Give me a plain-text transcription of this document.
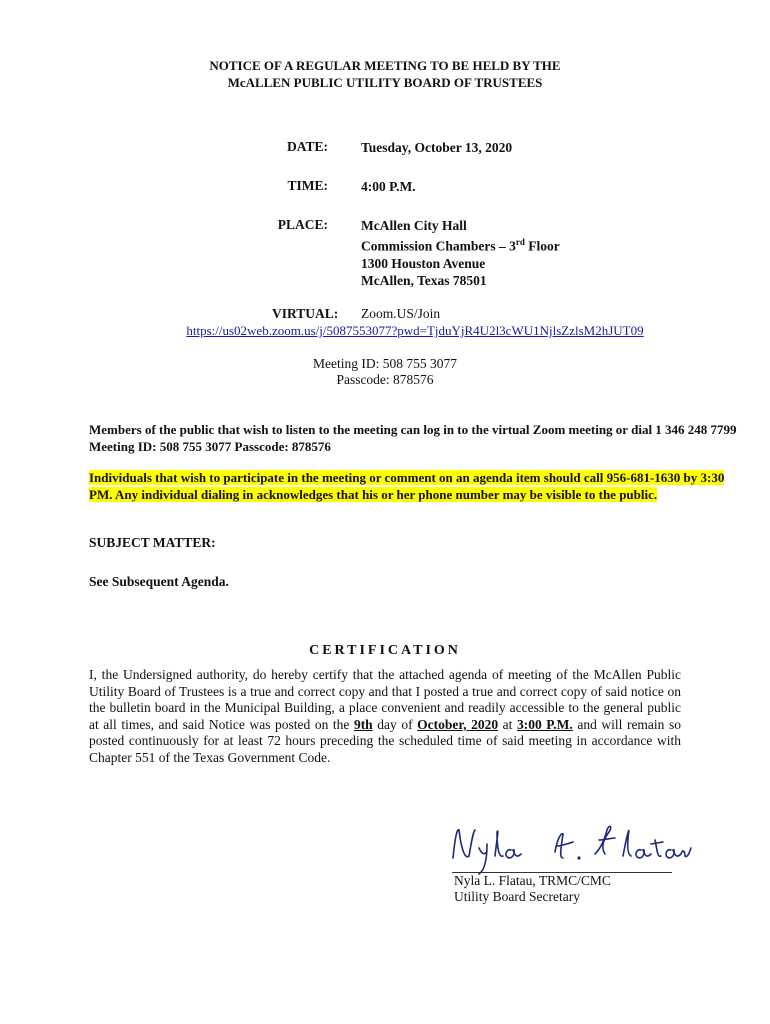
NOTICE OF A REGULAR MEETING TO BE HELD BY THE
McALLEN PUBLIC UTILITY BOARD OF TRUSTEES
DATE: Tuesday, October 13, 2020
TIME: 4:00 P.M.
PLACE: McAllen City Hall
Commission Chambers – 3rd Floor
1300 Houston Avenue
McAllen, Texas 78501
VIRTUAL: Zoom.US/Join
https://us02web.zoom.us/j/5087553077?pwd=TjduYjR4U2l3cWU1NjlsZzlsM2hJUT09
Meeting ID: 508 755 3077
Passcode: 878576
Members of the public that wish to listen to the meeting can log in to the virtual Zoom meeting or dial 1 346 248 7799 Meeting ID: 508 755 3077 Passcode: 878576
Individuals that wish to participate in the meeting or comment on an agenda item should call 956-681-1630 by 3:30 PM. Any individual dialing in acknowledges that his or her phone number may be visible to the public.
SUBJECT MATTER:
See Subsequent Agenda.
CERTIFICATION
I, the Undersigned authority, do hereby certify that the attached agenda of meeting of the McAllen Public Utility Board of Trustees is a true and correct copy and that I posted a true and correct copy of said notice on the bulletin board in the Municipal Building, a place convenient and readily accessible to the general public at all times, and said Notice was posted on the 9th day of October, 2020 at 3:00 P.M. and will remain so posted continuously for at least 72 hours preceding the scheduled time of said meeting in accordance with Chapter 551 of the Texas Government Code.
Nyla L. Flatau, TRMC/CMC
Utility Board Secretary
